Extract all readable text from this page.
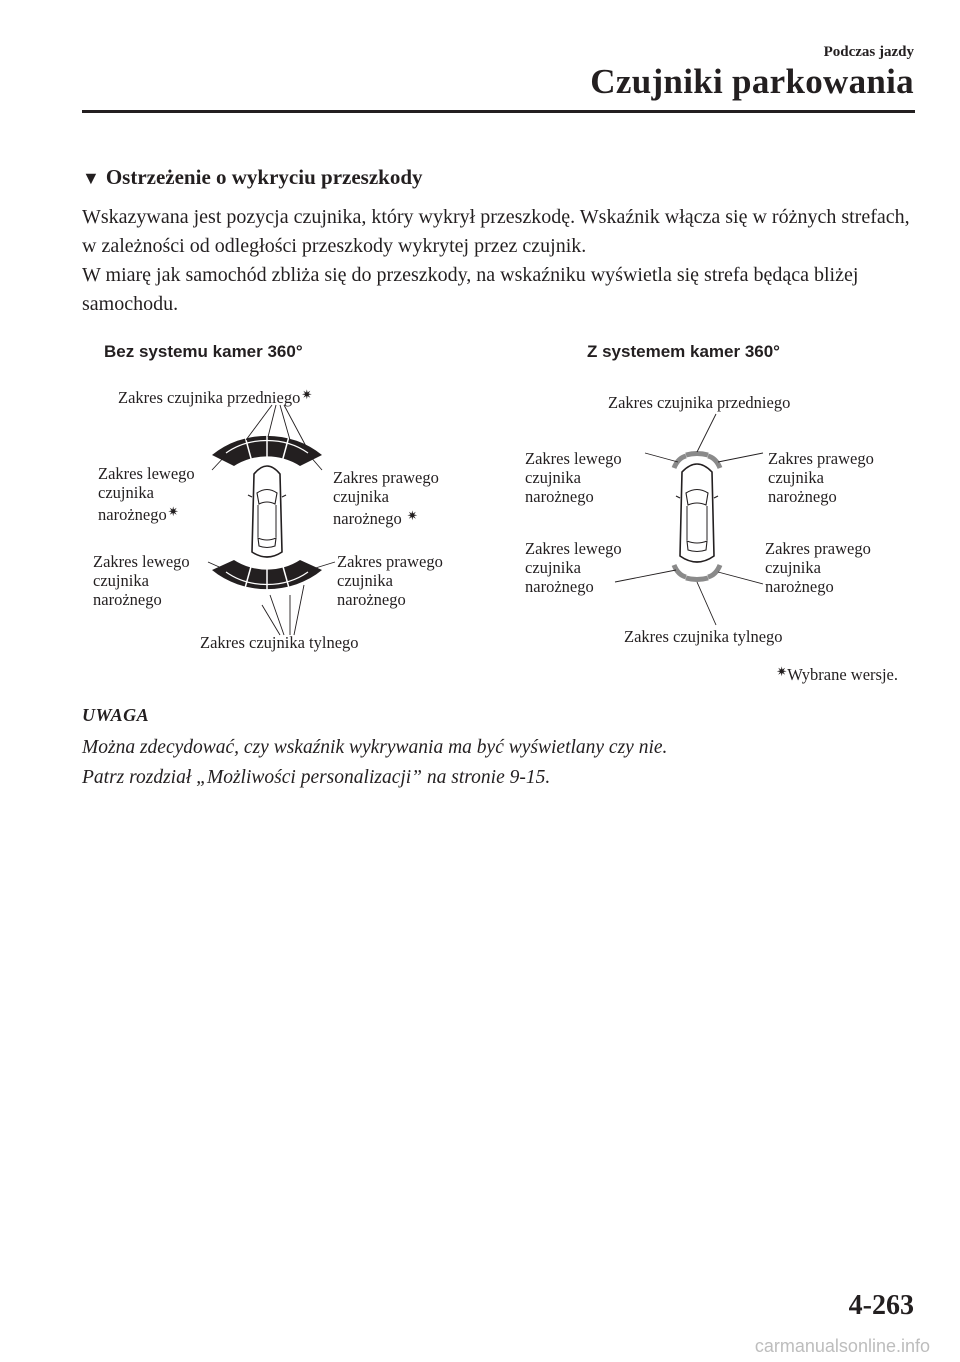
Podczas jazdy
Czujniki parkowania
▼ Ostrzeżenie o wykryciu przeszkody

Wskazywana jest pozycja czujnika, który wykrył przeszkodę. Wskaźnik włącza się w różnych strefach, w zależności od odległości przeszkody wykrytej przez czujnik.

W miarę jak samochód zbliża się do przeszkody, na wskaźniku wyświetla się strefa będąca bliżej samochodu.

Bez systemu kamer 360°
Zakres czujnika przedniego✷
Zakres lewego
czujnika
narożnego✷
Zakres prawego
czujnika
narożnego ✷
Zakres lewego
czujnika
narożnego
Zakres prawego
czujnika
narożnego
Zakres czujnika tylnego
Z systemem kamer 360°
Zakres czujnika przedniego
Zakres lewego
czujnika
narożnego
Zakres prawego
czujnika
narożnego
Zakres lewego
czujnika
narożnego
Zakres prawego
czujnika
narożnego
Zakres czujnika tylnego
✷Wybrane wersje.
UWAGA

Można zdecydować, czy wskaźnik wykrywania ma być wyświetlany czy nie.

Patrz rozdział „Możliwości personalizacji” na stronie 9-15.

4-263
carmanualsonline.info
